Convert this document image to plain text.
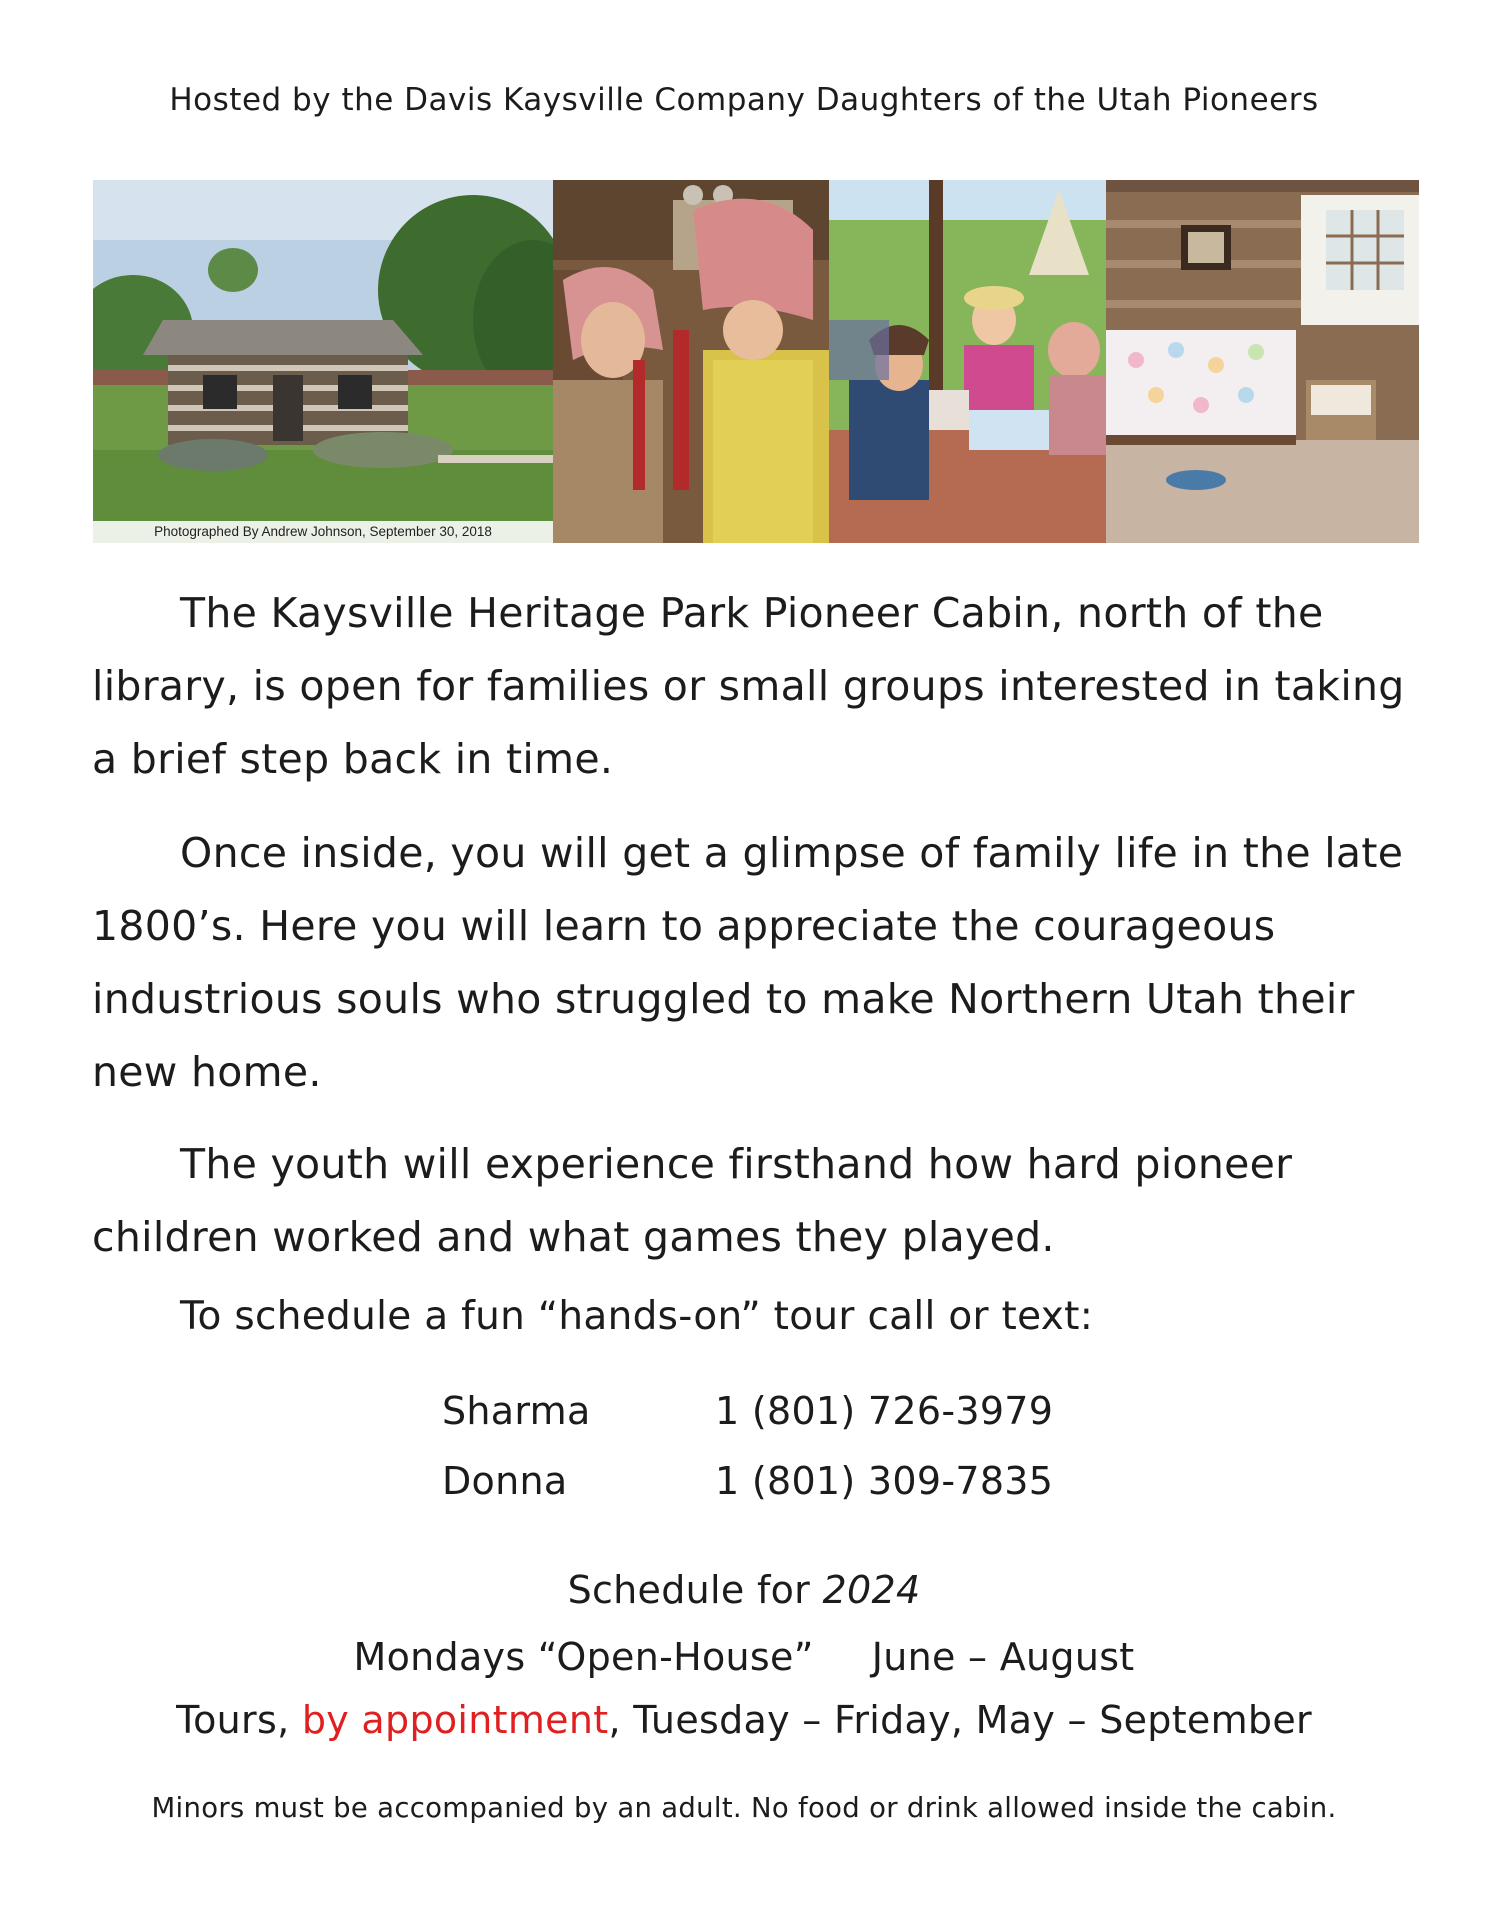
Hosted by the Davis Kaysville Company Daughters of the Utah Pioneers
Photographed By Andrew Johnson, September 30, 2018
The Kaysville Heritage Park Pioneer Cabin, north of the library, is open for families or small groups interested in taking a brief step back in time.
Once inside, you will get a glimpse of family life in the late 1800’s. Here you will learn to appreciate the courageous industrious souls who struggled to make Northern Utah their new home.
The youth will experience firsthand how hard pioneer children worked and what games they played.
To schedule a fun “hands-on” tour call or text:
Sharma	1 (801) 726-3979
Donna	1 (801) 309-7835
Schedule for 2024
Mondays “Open-House” June – August
Tours, by appointment, Tuesday – Friday, May – September
Minors must be accompanied by an adult. No food or drink allowed inside the cabin.
